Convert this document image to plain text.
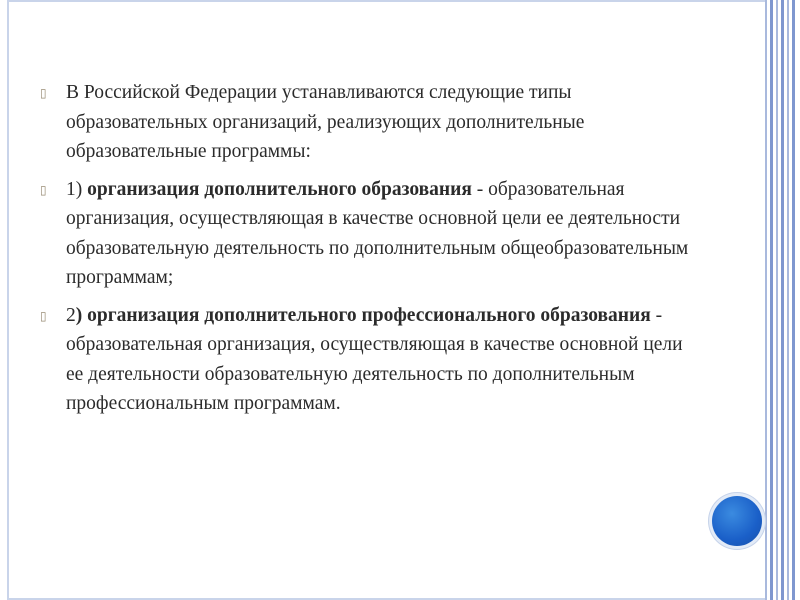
▯ В Российской Федерации устанавливаются следующие типы образовательных организаций, реализующих дополнительные образовательные программы:
▯ 1) организация дополнительного образования - образовательная организация, осуществляющая в качестве основной цели ее деятельности образовательную деятельность по дополнительным общеобразовательным программам;
▯ 2) организация дополнительного профессионального образования - образовательная организация, осуществляющая в качестве основной цели ее деятельности образовательную деятельность по дополнительным профессиональным программам.
